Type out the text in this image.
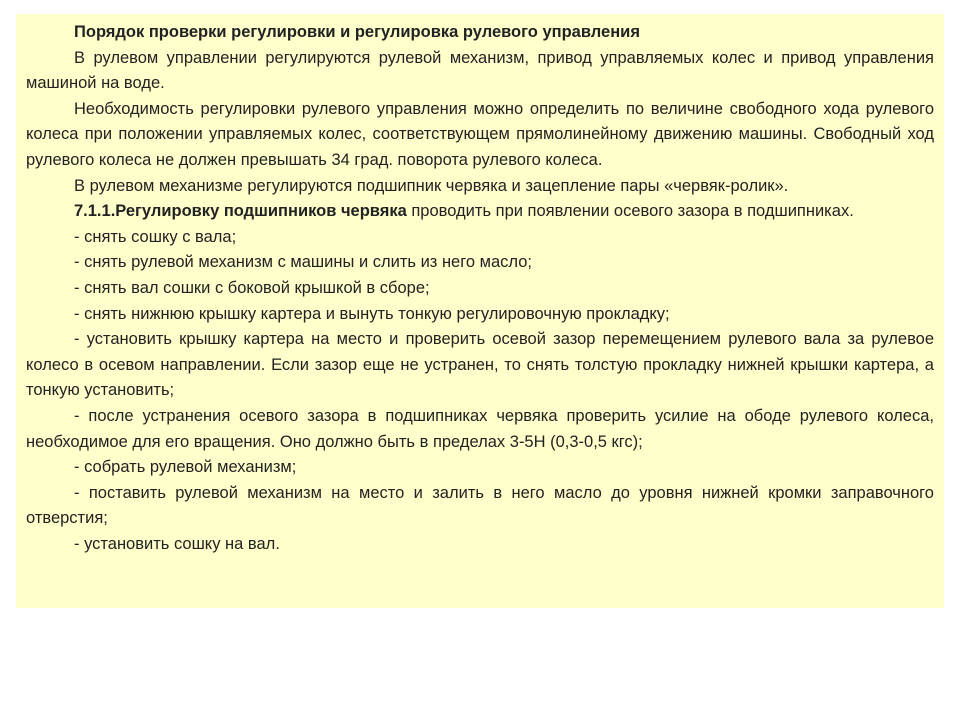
Порядок проверки регулировки и регулировка рулевого управления

В рулевом управлении регулируются рулевой механизм, привод управляемых колес и привод управления машиной на воде.

Необходимость регулировки рулевого управления можно определить по величине свободного хода рулевого колеса при положении управляемых колес, соответствующем прямолинейному движению машины. Свободный ход рулевого колеса не должен превышать 34 град. поворота рулевого колеса.

В рулевом механизме регулируются подшипник червяка и зацепление пары «червяк-ролик».

7.1.1.Регулировку подшипников червяка проводить при появлении осевого зазора в подшипниках.

- снять сошку с вала;

- снять рулевой механизм с машины и слить из него масло;

- снять вал сошки с боковой крышкой в сборе;

- снять нижнюю крышку картера и вынуть тонкую регулировочную прокладку;

- установить крышку картера на место и проверить осевой зазор перемещением рулевого вала за рулевое колесо в осевом направлении. Если зазор еще не устранен, то снять толстую прокладку нижней крышки картера, а тонкую установить;

- после устранения осевого зазора в подшипниках червяка проверить усилие на ободе рулевого колеса, необходимое для его вращения. Оно должно быть в пределах 3-5Н (0,3-0,5 кгс);

- собрать рулевой механизм;

- поставить рулевой механизм на место и залить в него масло до уровня нижней кромки заправочного отверстия;

- установить сошку на вал.
